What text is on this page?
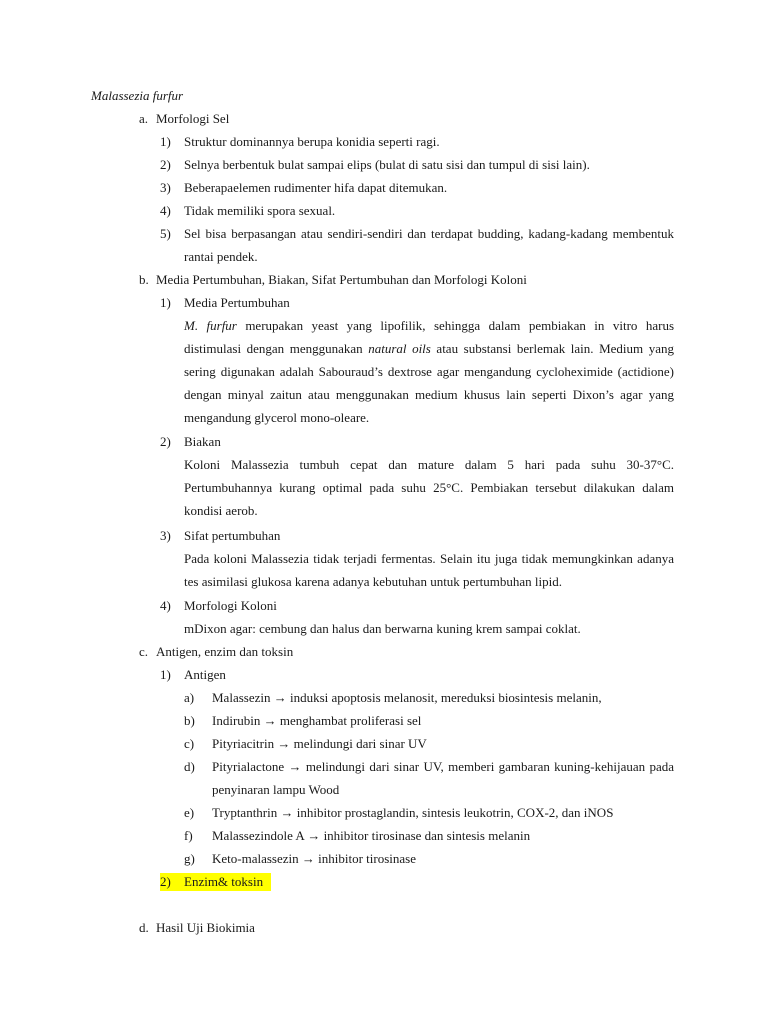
Malassezia furfur
a. Morfologi Sel
1) Struktur dominannya berupa konidia seperti ragi.
2) Selnya berbentuk bulat sampai elips (bulat di satu sisi dan tumpul di sisi lain).
3) Beberapaelemen rudimenter hifa dapat ditemukan.
4) Tidak memiliki spora sexual.
5) Sel bisa berpasangan atau sendiri-sendiri dan terdapat budding, kadang-kadang membentuk rantai pendek.
b. Media Pertumbuhan, Biakan, Sifat Pertumbuhan dan Morfologi Koloni
1) Media Pertumbuhan
M. furfur merupakan yeast yang lipofilik, sehingga dalam pembiakan in vitro harus distimulasi dengan menggunakan natural oils atau substansi berlemak lain. Medium yang sering digunakan adalah Sabouraud’s dextrose agar mengandung cycloheximide (actidione) dengan minyal zaitun atau menggunakan medium khusus lain seperti Dixon’s agar yang mengandung glycerol mono-oleare.
2) Biakan
Koloni Malassezia tumbuh cepat dan mature dalam 5 hari pada suhu 30-37°C. Pertumbuhannya kurang optimal pada suhu 25°C. Pembiakan tersebut dilakukan dalam kondisi aerob.
3) Sifat pertumbuhan
Pada koloni Malassezia tidak terjadi fermentas. Selain itu juga tidak memungkinkan adanya tes asimilasi glukosa karena adanya kebutuhan untuk pertumbuhan lipid.
4) Morfologi Koloni
mDixon agar: cembung dan halus dan berwarna kuning krem sampai coklat.
c. Antigen, enzim dan toksin
1) Antigen
a) Malassezin → induksi apoptosis melanosit, mereduksi biosintesis melanin,
b) Indirubin → menghambat proliferasi sel
c) Pityriacitrin → melindungi dari sinar UV
d) Pityrialactone → melindungi dari sinar UV, memberi gambaran kuning-kehijauan pada penyinaran lampu Wood
e) Tryptanthrin → inhibitor prostaglandin, sintesis leukotrin, COX-2, dan iNOS
f) Malassezindole A → inhibitor tirosinase dan sintesis melanin
g) Keto-malassezin → inhibitor tirosinase
2) Enzim& toksin
d. Hasil Uji Biokimia
